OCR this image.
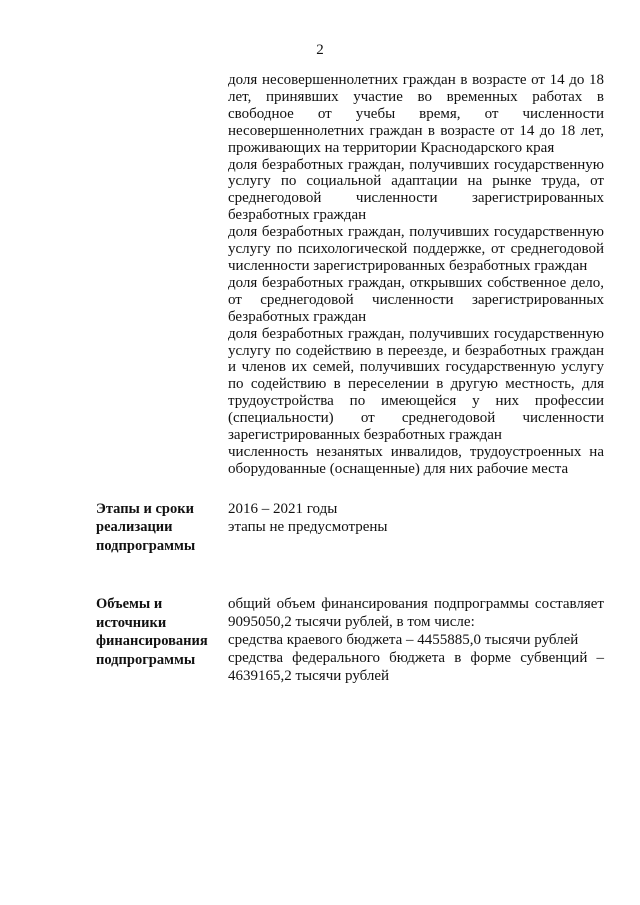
2

доля несовершеннолетних граждан в возрасте от 14 до 18 лет, принявших участие во временных работах в свободное от учебы время, от численности несовершеннолетних граждан в возрасте от 14 до 18 лет, проживающих на территории Краснодарского края

доля безработных граждан, получивших государственную услугу по социальной адаптации на рынке труда, от среднегодовой численности зарегистрированных безработных граждан

доля безработных граждан, получивших государственную услугу по психологической поддержке, от среднегодовой численности зарегистрированных безработных граждан

доля безработных граждан, открывших собственное дело, от среднегодовой численности зарегистрированных безработных граждан

доля безработных граждан, получивших государственную услугу по содействию в переезде, и безработных граждан и членов их семей, получивших государственную услугу по содействию в переселении в другую местность, для трудоустройства по имеющейся у них профессии (специальности) от среднегодовой численности зарегистрированных безработных граждан

численность незанятых инвалидов, трудоустроенных на оборудованные (оснащенные) для них рабочие места

Этапы и сроки реализации подпрограммы

2016 – 2021 годы

этапы не предусмотрены

Объемы и источники финансирования подпрограммы

общий объем финансирования подпрограммы составляет 9095050,2 тысячи рублей, в том числе:

средства краевого бюджета – 4455885,0 тысячи рублей

средства федерального бюджета в форме субвенций – 4639165,2 тысячи рублей
